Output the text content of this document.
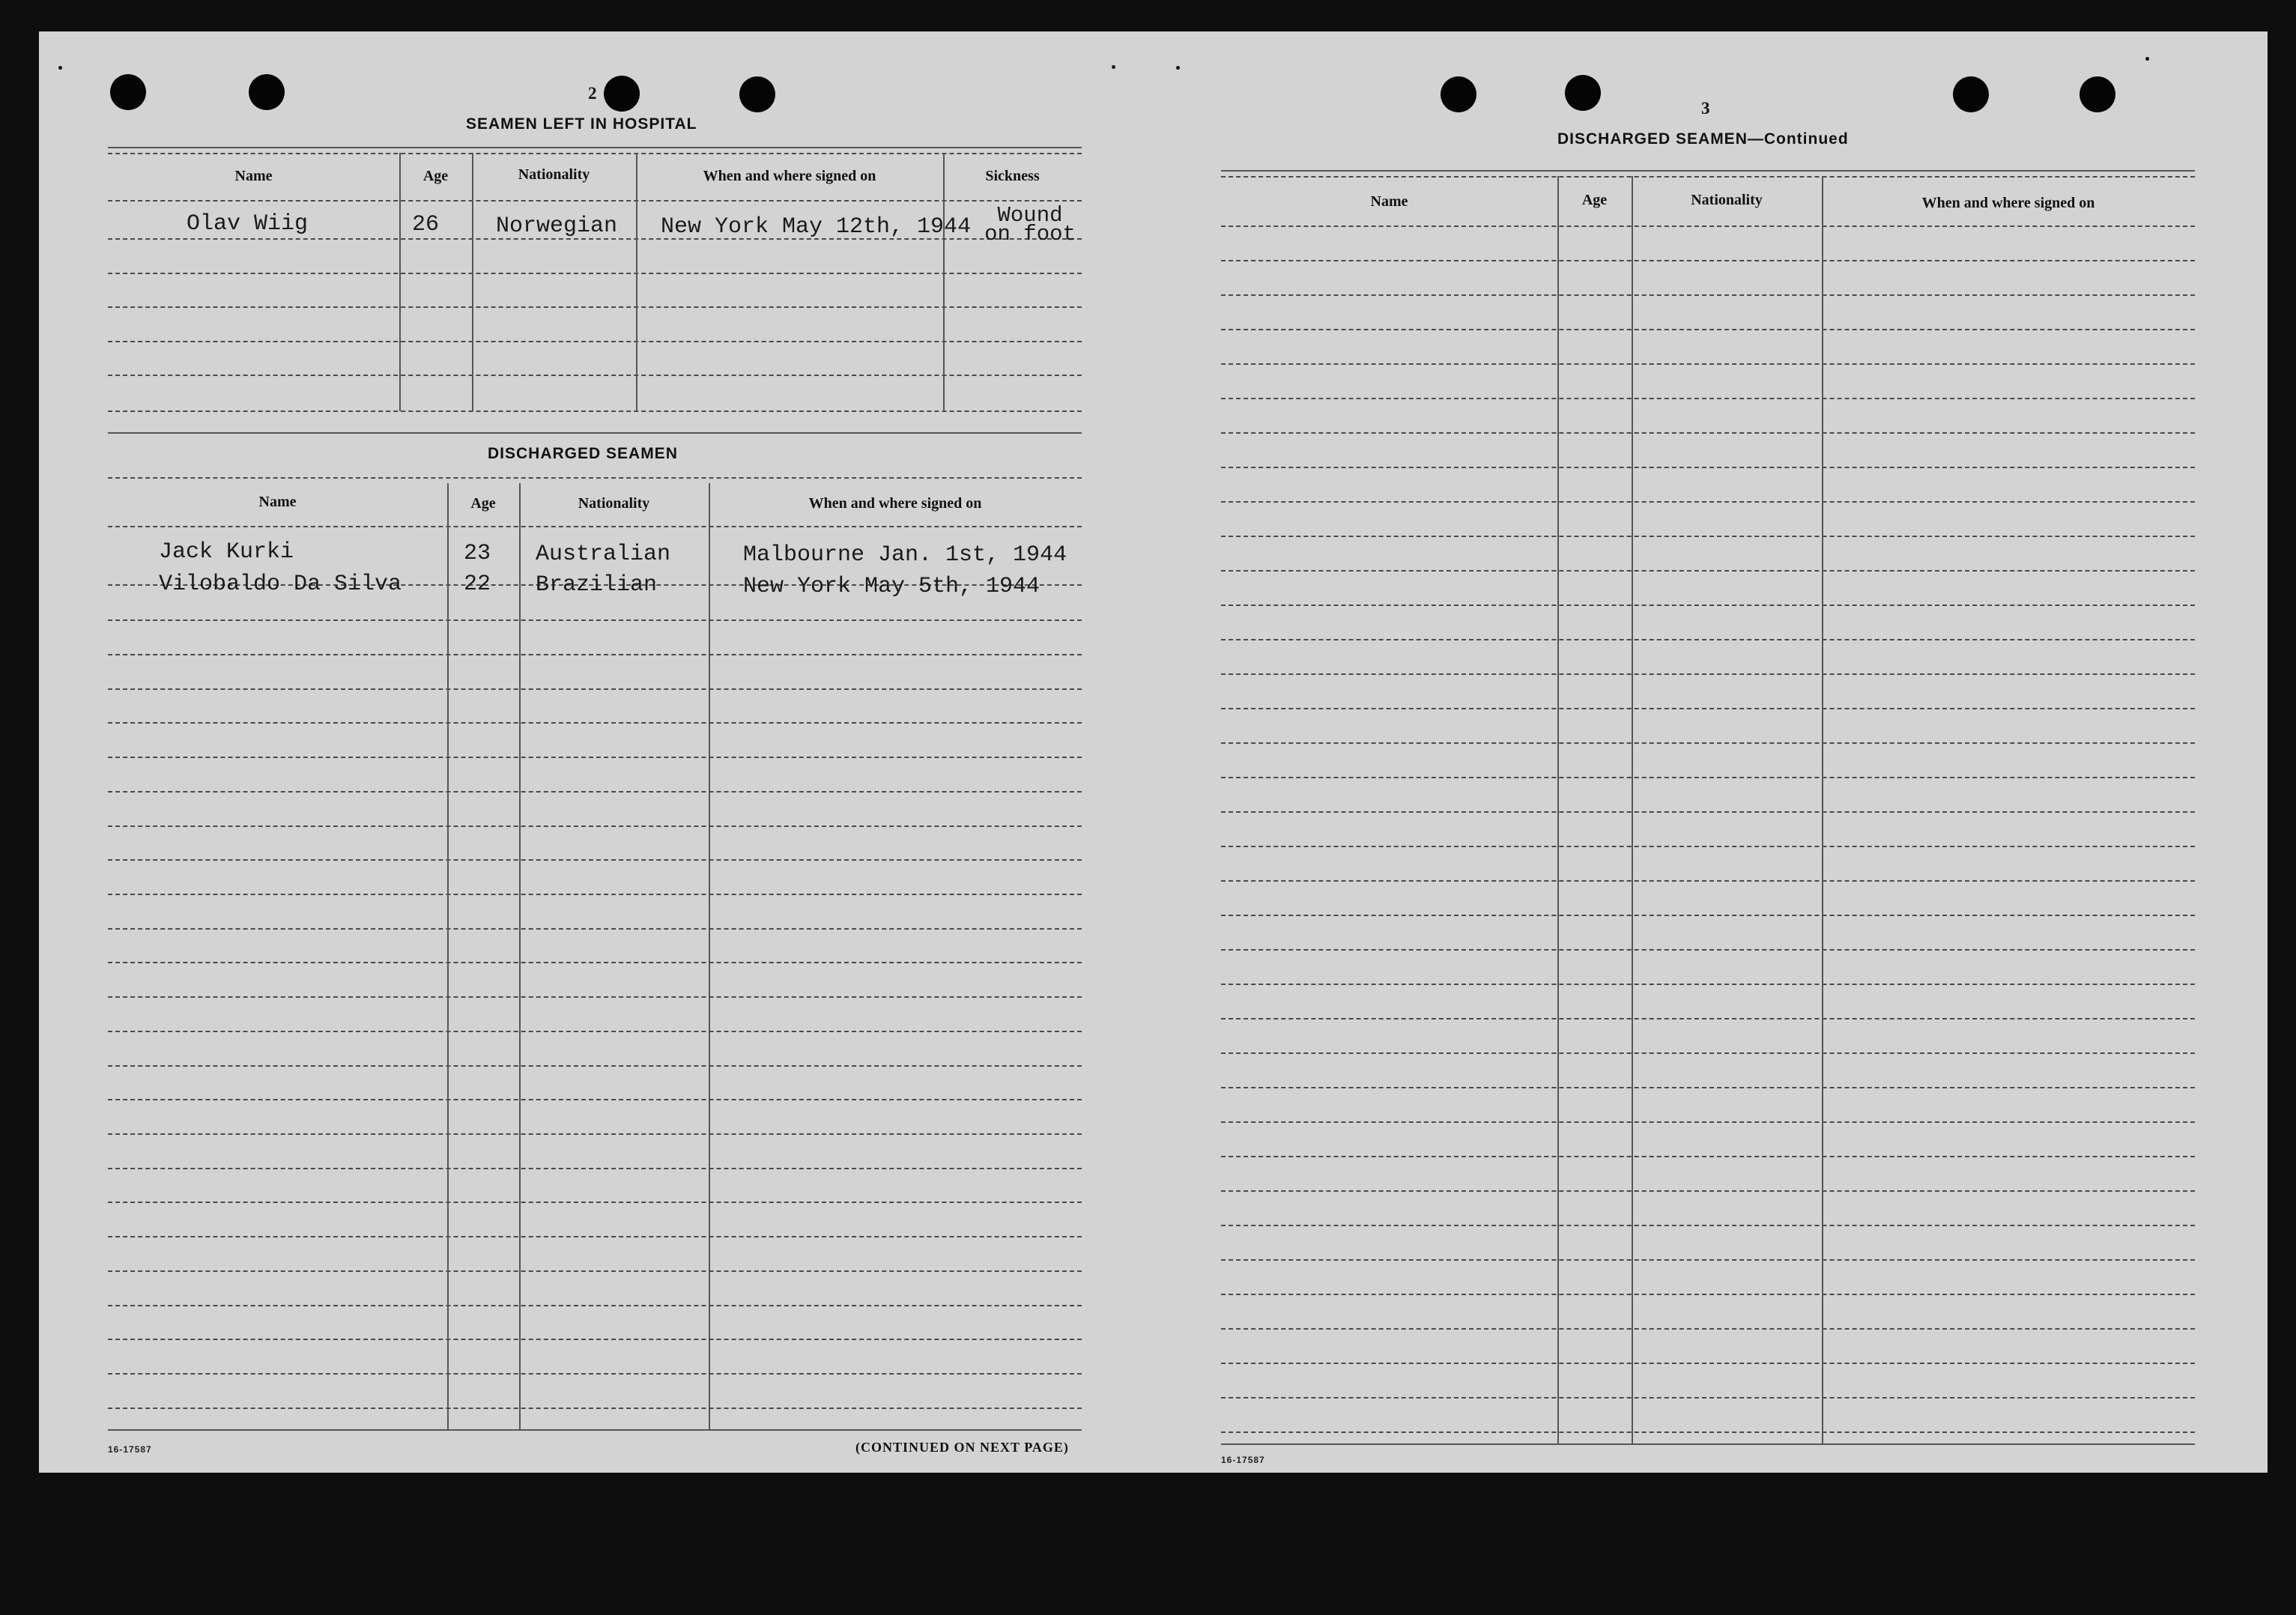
2
SEAMEN LEFT IN HOSPITAL
Name	Age	Nationality	When and where signed on	Sickness
Olav Wiig	26	Norwegian New York May 12th, 1944	Wound on foot
DISCHARGED SEAMEN
Name	Age	Nationality	When and where signed on
Jack Kurki	23 Australian	Malbourne Jan. 1st, 1944
Vilobaldo Da Silva	22 Brazilian	New York May 5th, 1944
16-17587	(CONTINUED ON NEXT PAGE)
3
DISCHARGED SEAMEN—Continued
Name	Age	Nationality	When and where signed on
16-17587
